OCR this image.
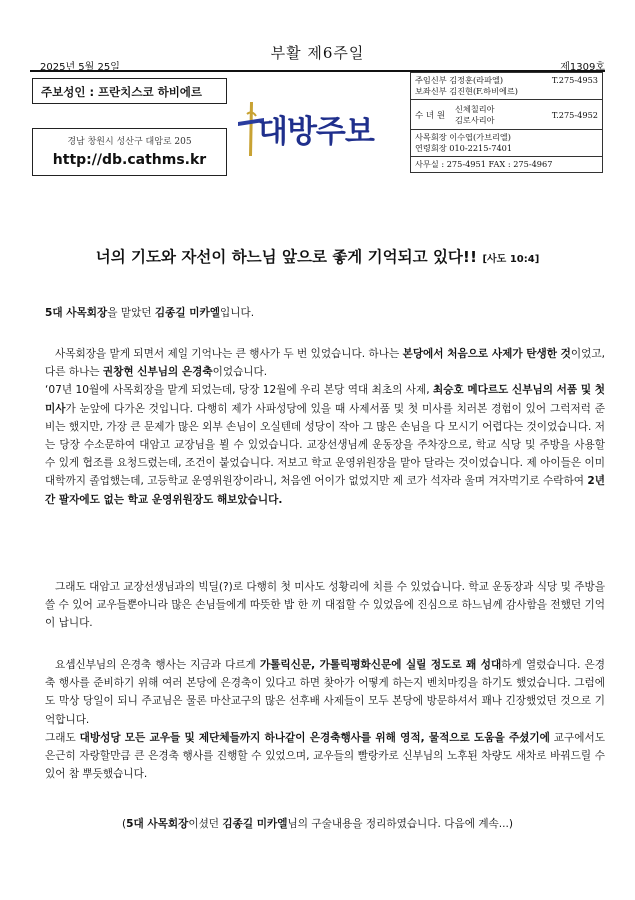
2025년 5월 25일
부활 제6주일
제1309호
주보성인 : 프란치스코 하비에르
경남 창원시 성산구 대암로 205
http://db.cathms.kr
대방주보
주임신부 김정훈(라파엘)	T.275-4953
보좌신부 김진현(F.하비에르)
수 녀 원
신체칠리아
김로사리아	T.275-4952
사목회장 이수엽(가브리엘)
연령회장 010-2215-7401
사무실 : 275-4951 FAX : 275-4967
너의 기도와 자선이 하느님 앞으로 좋게 기억되고 있다!! [사도 10:4]
5대 사목회장을 맡았던 김종길 미카엘입니다.
사목회장을 맡게 되면서 제일 기억나는 큰 행사가 두 번 있었습니다. 하나는 본당에서 처음으로 사제가 탄생한 것이었고, 다른 하나는 권창현 신부님의 은경축이었습니다.
‘07년 10월에 사목회장을 맡게 되었는데, 당장 12월에 우리 본당 역대 최초의 사제, 최승호 메다르도 신부님의 서품 및 첫 미사가 눈앞에 다가온 것입니다. 다행히 제가 사파성당에 있을 때 사제서품 및 첫 미사를 치러본 경험이 있어 그럭저럭 준비는 했지만, 가장 큰 문제가 많은 외부 손님이 오실텐데 성당이 작아 그 많은 손님을 다 모시기 어렵다는 것이었습니다. 저는 당장 수소문하여 대암고 교장님을 뵐 수 있었습니다. 교장선생님께 운동장을 주차장으로, 학교 식당 및 주방을 사용할 수 있게 협조를 요청드렸는데, 조건이 붙었습니다. 저보고 학교 운영위원장을 맡아 달라는 것이었습니다. 제 아이들은 이미 대학까지 졸업했는데, 고등학교 운영위원장이라니, 처음엔 어이가 없었지만 제 코가 석자라 울며 겨자먹기로 수락하여 2년간 팔자에도 없는 학교 운영위원장도 해보았습니다.
그래도 대암고 교장선생님과의 빅딜(?)로 다행히 첫 미사도 성황리에 치를 수 있었습니다. 학교 운동장과 식당 및 주방을 쓸 수 있어 교우들뿐아니라 많은 손님들에게 따뜻한 밥 한 끼 대접할 수 있었음에 진심으로 하느님께 감사함을 전했던 기억이 납니다.
요셉신부님의 은경축 행사는 지금과 다르게 가톨릭신문, 가톨릭평화신문에 실릴 정도로 꽤 성대하게 열렸습니다. 은경축 행사를 준비하기 위해 여러 본당에 은경축이 있다고 하면 찾아가 어떻게 하는지 벤치마킹을 하기도 했었습니다. 그럼에도 막상 당일이 되니 주교님은 물론 마산교구의 많은 선후배 사제들이 모두 본당에 방문하셔서 꽤나 긴장했었던 것으로 기억합니다.
그래도 대방성당 모든 교우들 및 제단체들까지 하나같이 은경축행사를 위해 영적, 물적으로 도움을 주셨기에 교구에서도 은근히 자랑할만큼 큰 은경축 행사를 진행할 수 있었으며, 교우들의 빨랑카로 신부님의 노후된 차량도 새차로 바꿔드릴 수 있어 참 뿌듯했습니다.
(5대 사목회장이셨던 김종길 미카엘님의 구술내용을 정리하였습니다. 다음에 계속...)
